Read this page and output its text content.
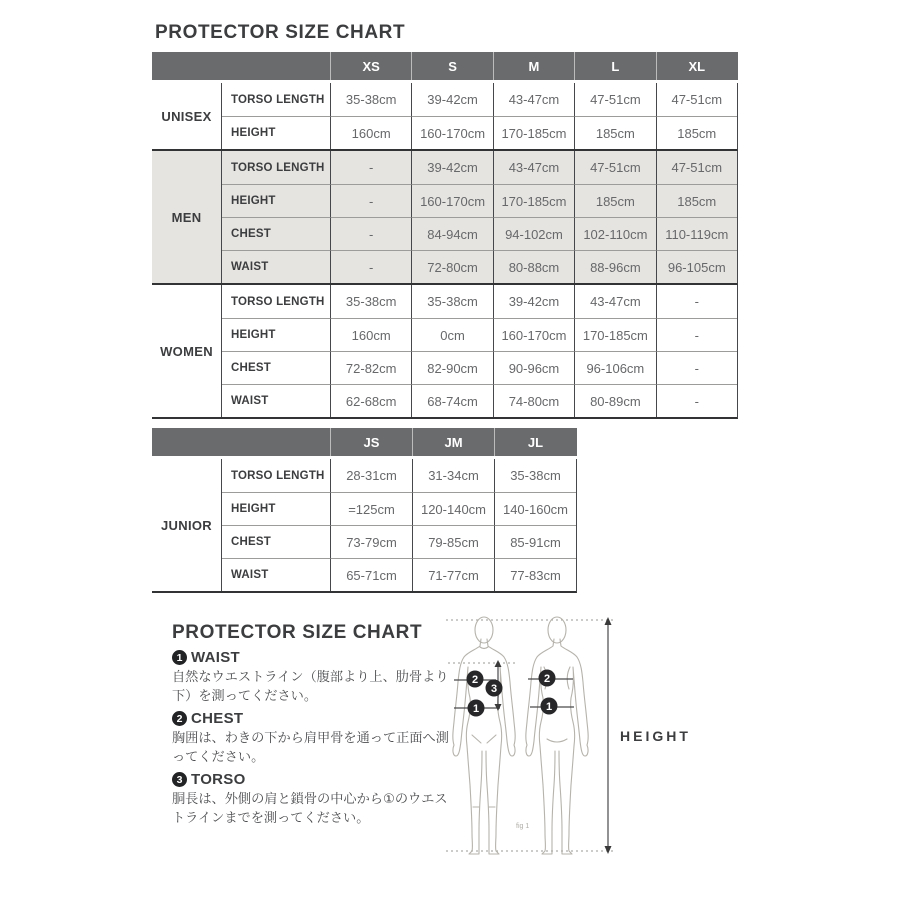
PROTECTOR SIZE CHART
XS	S	M	L	XL
UNISEX
TORSO LENGTH	35-38cm	39-42cm	43-47cm	47-51cm	47-51cm
HEIGHT	160cm	160-170cm	170-185cm	185cm	185cm
MEN
TORSO LENGTH	-	39-42cm	43-47cm	47-51cm	47-51cm
HEIGHT	-	160-170cm	170-185cm	185cm	185cm
CHEST	-	84-94cm	94-102cm	102-110cm	110-119cm
WAIST	-	72-80cm	80-88cm	88-96cm	96-105cm
WOMEN
TORSO LENGTH	35-38cm	35-38cm	39-42cm	43-47cm	-
HEIGHT	160cm	0cm	160-170cm	170-185cm	-
CHEST	72-82cm	82-90cm	90-96cm	96-106cm	-
WAIST	62-68cm	68-74cm	74-80cm	80-89cm	-
JS	JM	JL
JUNIOR
TORSO LENGTH	28-31cm	31-34cm	35-38cm
HEIGHT	=125cm	120-140cm	140-160cm
CHEST	73-79cm	79-85cm	85-91cm
WAIST	65-71cm	71-77cm	77-83cm
PROTECTOR SIZE CHART
1 WAIST

自然なウエストライン（腹部より上、肋骨より下）を測ってください。

2 CHEST

胸囲は、わきの下から肩甲骨を通って正面へ測ってください。

3 TORSO

胴長は、外側の肩と鎖骨の中心から①のウエストラインまでを測ってください。

2
3
1
2
1
fig 1
HEIGHT
